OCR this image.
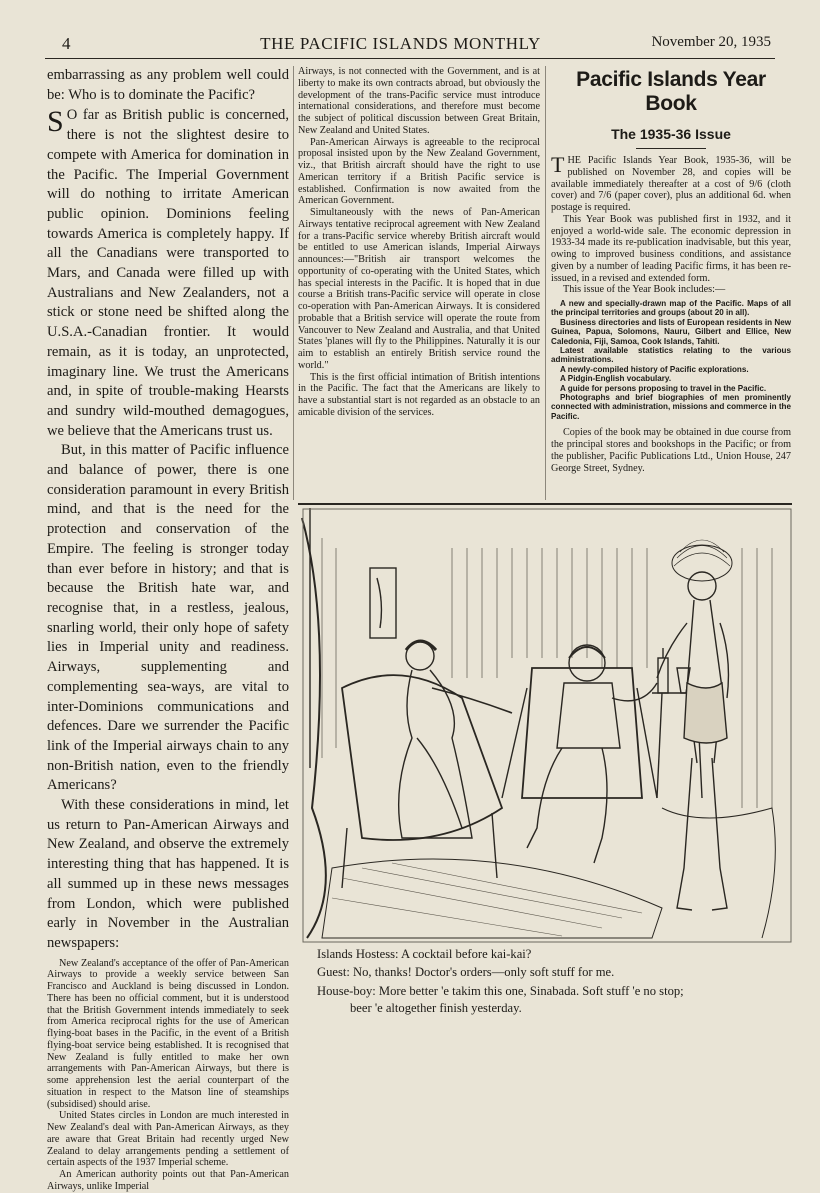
4	THE PACIFIC ISLANDS MONTHLY	November 20, 1935

embarrassing as any problem well could be: Who is to dominate the Pacific?

S O far as British public is concerned, there is not the slightest desire to compete with America for domination in the Pacific. The Imperial Government will do nothing to irritate American public opinion. Dominions feeling towards America is completely happy. If all the Canadians were transported to Mars, and Canada were filled up with Australians and New Zealanders, not a stick or stone need be shifted along the U.S.A.-Canadian frontier. It would remain, as it is today, an unprotected, imaginary line. We trust the Americans and, in spite of trouble-making Hearsts and sundry wild-mouthed demagogues, we believe that the Americans trust us.

But, in this matter of Pacific influence and balance of power, there is one consideration paramount in every British mind, and that is the need for the protection and conservation of the Empire. The feeling is stronger today than ever before in history; and that is because the British hate war, and recognise that, in a restless, jealous, snarling world, their only hope of safety lies in Imperial unity and readiness. Airways, supplementing and complementing sea-ways, are vital to inter-Dominions communications and defences. Dare we surrender the Pacific link of the Imperial airways chain to any non-British nation, even to the friendly Americans?

With these considerations in mind, let us return to Pan-American Airways and New Zealand, and observe the extremely interesting thing that has happened. It is all summed up in these news messages from London, which were published early in November in the Australian newspapers:

New Zealand's acceptance of the offer of Pan-American Airways to provide a weekly service between San Francisco and Auckland is being discussed in London. There has been no official comment, but it is understood that the British Government intends immediately to seek from America reciprocal rights for the use of American flying-boat bases in the Pacific, in the event of a British flying-boat service being established. It is recognised that New Zealand is fully entitled to make her own arrangements with Pan-American Airways, but there is some apprehension lest the aerial counterpart of the situation in respect to the Matson line of steamships (subsidised) should arise.

United States circles in London are much interested in New Zealand's deal with Pan-American Airways, as they are aware that Great Britain had recently urged New Zealand to delay arrangements pending a settlement of certain aspects of the 1937 Imperial scheme.

An American authority points out that Pan-American Airways, unlike Imperial

Airways, is not connected with the Government, and is at liberty to make its own contracts abroad, but obviously the development of the trans-Pacific service must introduce international considerations, and therefore must become the subject of political discussion between Great Britain, New Zealand and United States.

Pan-American Airways is agreeable to the reciprocal proposal insisted upon by the New Zealand Government, viz., that British aircraft should have the right to use American territory if a British Pacific service is established. Confirmation is now awaited from the American Government.

Simultaneously with the news of Pan-American Airways tentative reciprocal agreement with New Zealand for a trans-Pacific service whereby British aircraft would be entitled to use American islands, Imperial Airways announces:—"British air transport welcomes the opportunity of co-operating with the United States, which has special interests in the Pacific. It is hoped that in due course a British trans-Pacific service will operate in close co-operation with Pan-American Airways. It is considered probable that a British service will operate the route from Vancouver to New Zealand and Australia, and that United States 'planes will fly to the Philippines. Naturally it is our aim to establish an entirely British service round the world."

This is the first official intimation of British intentions in the Pacific. The fact that the Americans are likely to have a substantial start is not regarded as an obstacle to an amicable division of the services.

Pacific Islands Year Book
The 1935-36 Issue

THE Pacific Islands Year Book, 1935-36, will be published on November 28, and copies will be available immediately thereafter at a cost of 9/6 (cloth cover) and 7/6 (paper cover), plus an additional 6d. when postage is required.

This Year Book was published first in 1932, and it enjoyed a world-wide sale. The economic depression in 1933-34 made its re-publication inadvisable, but this year, owing to improved business conditions, and assistance given by a number of leading Pacific firms, it has been re-issued, in a revised and extended form.

This issue of the Year Book includes:—

A new and specially-drawn map of the Pacific. Maps of all the principal territories and groups (about 20 in all).

Business directories and lists of European residents in New Guinea, Papua, Solomons, Nauru, Gilbert and Ellice, New Caledonia, Fiji, Samoa, Cook Islands, Tahiti.

Latest available statistics relating to the various administrations.

A newly-compiled history of Pacific explorations.

A Pidgin-English vocabulary.

A guide for persons proposing to travel in the Pacific.

Photographs and brief biographies of men prominently connected with administration, missions and commerce in the Pacific.

Copies of the book may be obtained in due course from the principal stores and bookshops in the Pacific; or from the publisher, Pacific Publications Ltd., Union House, 247 George Street, Sydney.

Islands Hostess: A cocktail before kai-kai?
Guest: No, thanks! Doctor's orders—only soft stuff for me.
House-boy: More better 'e takim this one, Sinabada. Soft stuff 'e no stop;
beer 'e altogether finish yesterday.
